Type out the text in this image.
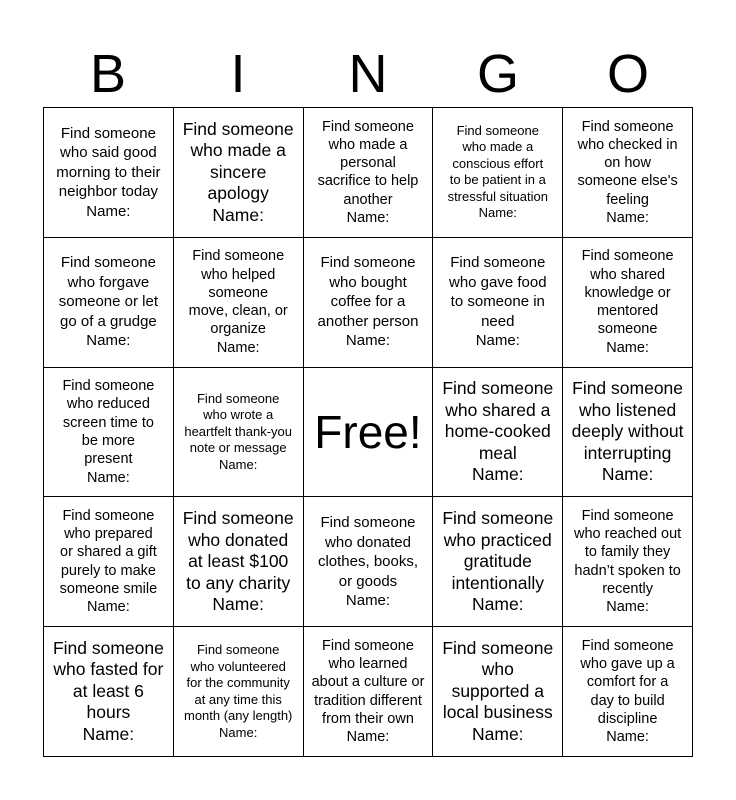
B	I	N	G	O
Find someone
who said good
morning to their
neighbor today
Name:
Find someone
who made a
sincere
apology
Name:
Find someone
who made a
personal
sacrifice to help
another
Name:
Find someone
who made a
conscious effort
to be patient in a
stressful situation
Name:
Find someone
who checked in
on how
someone else's
feeling
Name:
Find someone
who forgave
someone or let
go of a grudge
Name:
Find someone
who helped
someone
move, clean, or
organize
Name:
Find someone
who bought
coffee for a
another person
Name:
Find someone
who gave food
to someone in
need
Name:
Find someone
who shared
knowledge or
mentored
someone
Name:
Find someone
who reduced
screen time to
be more
present
Name:
Find someone
who wrote a
heartfelt thank-you
note or message
Name:
Free!
Find someone
who shared a
home-cooked
meal
Name:
Find someone
who listened
deeply without
interrupting
Name:
Find someone
who prepared
or shared a gift
purely to make
someone smile
Name:
Find someone
who donated
at least $100
to any charity
Name:
Find someone
who donated
clothes, books,
or goods
Name:
Find someone
who practiced
gratitude
intentionally
Name:
Find someone
who reached out
to family they
hadn’t spoken to
recently
Name:
Find someone
who fasted for
at least 6
hours
Name:
Find someone
who volunteered
for the community
at any time this
month (any length)
Name:
Find someone
who learned
about a culture or
tradition different
from their own
Name:
Find someone
who
supported a
local business
Name:
Find someone
who gave up a
comfort for a
day to build
discipline
Name:
